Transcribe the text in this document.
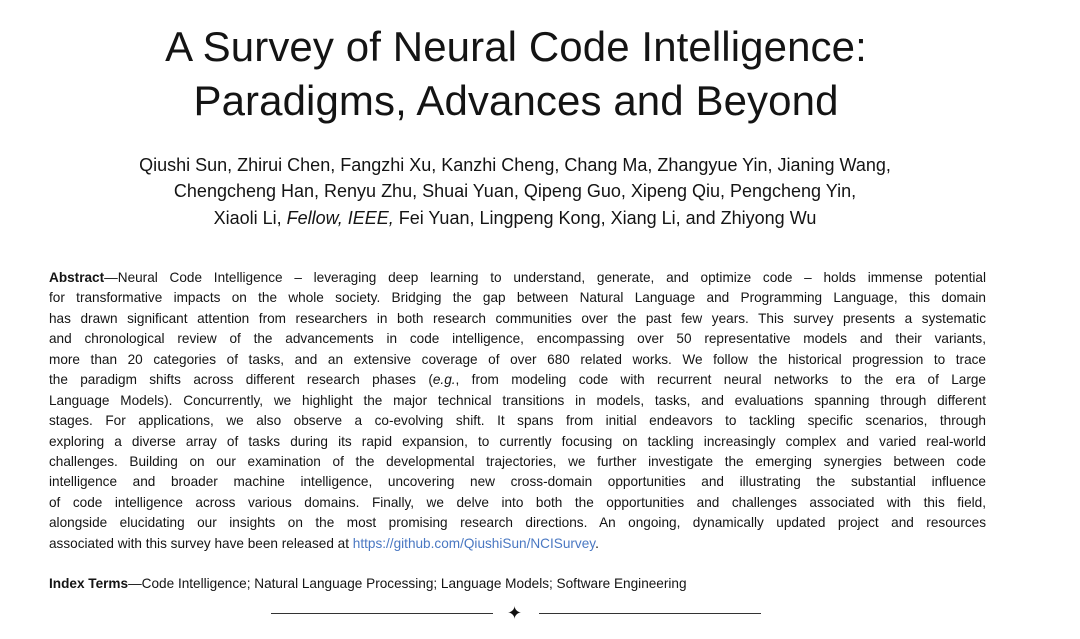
A Survey of Neural Code Intelligence:
Paradigms, Advances and Beyond
Qiushi Sun, Zhirui Chen, Fangzhi Xu, Kanzhi Cheng, Chang Ma, Zhangyue Yin, Jianing Wang,
Chengcheng Han, Renyu Zhu, Shuai Yuan, Qipeng Guo, Xipeng Qiu, Pengcheng Yin,
Xiaoli Li, Fellow, IEEE, Fei Yuan, Lingpeng Kong, Xiang Li, and Zhiyong Wu
Abstract—Neural Code Intelligence – leveraging deep learning to understand, generate, and optimize code – holds immense potential
for transformative impacts on the whole society. Bridging the gap between Natural Language and Programming Language, this domain
has drawn significant attention from researchers in both research communities over the past few years. This survey presents a systematic
and chronological review of the advancements in code intelligence, encompassing over 50 representative models and their variants,
more than 20 categories of tasks, and an extensive coverage of over 680 related works. We follow the historical progression to trace
the paradigm shifts across different research phases (e.g., from modeling code with recurrent neural networks to the era of Large
Language Models). Concurrently, we highlight the major technical transitions in models, tasks, and evaluations spanning through different
stages. For applications, we also observe a co-evolving shift. It spans from initial endeavors to tackling specific scenarios, through
exploring a diverse array of tasks during its rapid expansion, to currently focusing on tackling increasingly complex and varied real-world
challenges. Building on our examination of the developmental trajectories, we further investigate the emerging synergies between code
intelligence and broader machine intelligence, uncovering new cross-domain opportunities and illustrating the substantial influence
of code intelligence across various domains. Finally, we delve into both the opportunities and challenges associated with this field,
alongside elucidating our insights on the most promising research directions. An ongoing, dynamically updated project and resources
associated with this survey have been released at https://github.com/QiushiSun/NCISurvey.
Index Terms—Code Intelligence; Natural Language Processing; Language Models; Software Engineering
✦
